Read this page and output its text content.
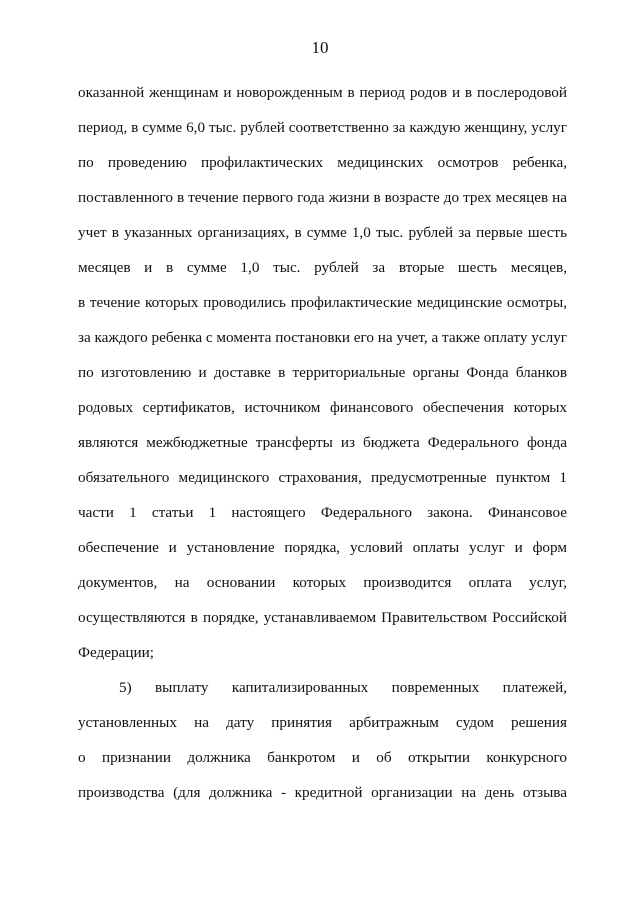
10
оказанной женщинам и новорожденным в период родов и в послеродовой
период, в сумме 6,0 тыс. рублей соответственно за каждую женщину, услуг
по проведению профилактических медицинских осмотров ребенка,
поставленного в течение первого года жизни в возрасте до трех месяцев на
учет в указанных организациях, в сумме 1,0 тыс. рублей за первые шесть
месяцев и в сумме 1,0 тыс. рублей за вторые шесть месяцев,
в течение которых проводились профилактические медицинские осмотры,
за каждого ребенка с момента постановки его на учет, а также оплату услуг
по изготовлению и доставке в территориальные органы Фонда бланков
родовых сертификатов, источником финансового обеспечения которых
являются межбюджетные трансферты из бюджета Федерального фонда
обязательного медицинского страхования, предусмотренные пунктом 1
части 1 статьи 1 настоящего Федерального закона. Финансовое
обеспечение и установление порядка, условий оплаты услуг и форм
документов, на основании которых производится оплата услуг,
осуществляются в порядке, устанавливаемом Правительством Российской
Федерации;
5) выплату капитализированных повременных платежей,
установленных на дату принятия арбитражным судом решения
о признании должника банкротом и об открытии конкурсного
производства (для должника - кредитной организации на день отзыва
